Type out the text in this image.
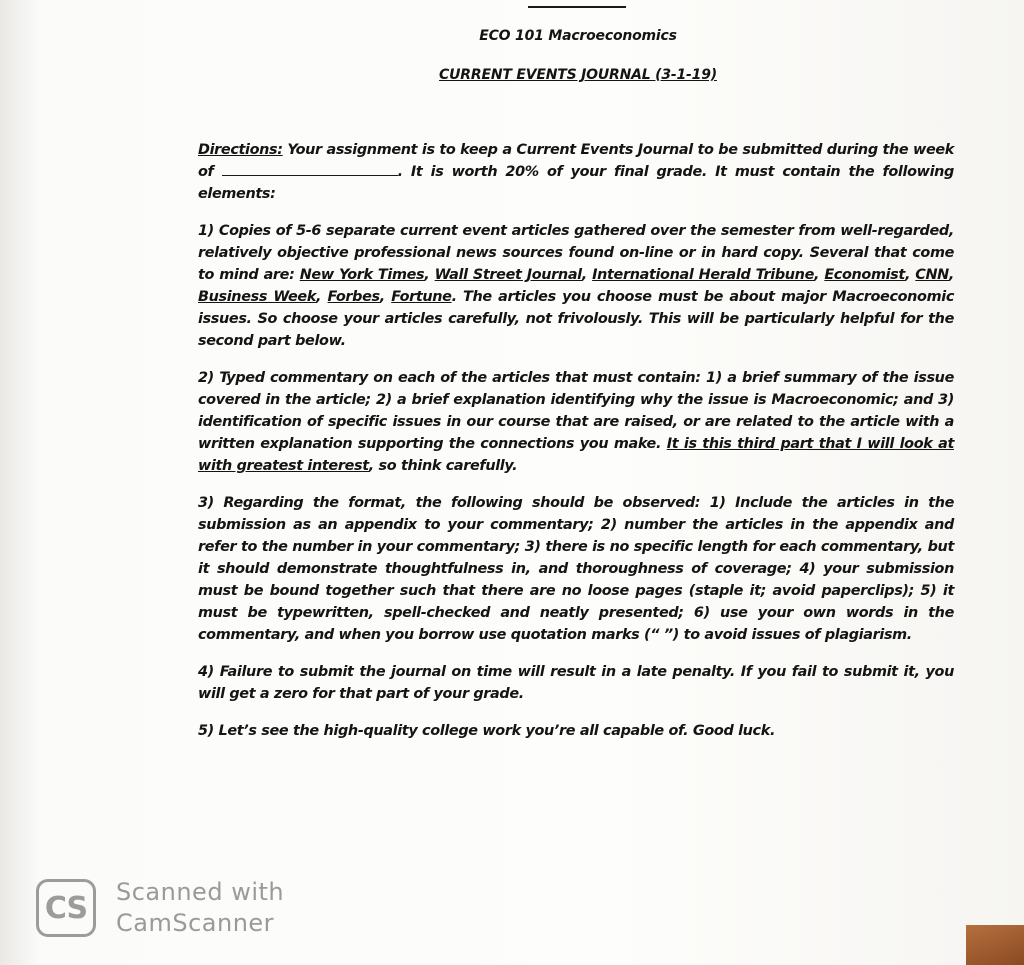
ECO 101 Macroeconomics
CURRENT EVENTS JOURNAL (3-1-19)

Directions: Your assignment is to keep a Current Events Journal to be submitted during the week of	. It is worth 20% of your final grade. It must contain the following elements:

1) Copies of 5-6 separate current event articles gathered over the semester from well-regarded, relatively objective professional news sources found on-line or in hard copy. Several that come to mind are: New York Times, Wall Street Journal, International Herald Tribune, Economist, CNN, Business Week, Forbes, Fortune. The articles you choose must be about major Macroeconomic issues. So choose your articles carefully, not frivolously. This will be particularly helpful for the second part below.

2) Typed commentary on each of the articles that must contain: 1) a brief summary of the issue covered in the article; 2) a brief explanation identifying why the issue is Macroeconomic; and 3) identification of specific issues in our course that are raised, or are related to the article with a written explanation supporting the connections you make. It is this third part that I will look at with greatest interest, so think carefully.

3) Regarding the format, the following should be observed: 1) Include the articles in the submission as an appendix to your commentary; 2) number the articles in the appendix and refer to the number in your commentary; 3) there is no specific length for each commentary, but it should demonstrate thoughtfulness in, and thoroughness of coverage; 4) your submission must be bound together such that there are no loose pages (staple it; avoid paperclips); 5) it must be typewritten, spell-checked and neatly presented; 6) use your own words in the commentary, and when you borrow use quotation marks (“ ”) to avoid issues of plagiarism.

4) Failure to submit the journal on time will result in a late penalty. If you fail to submit it, you will get a zero for that part of your grade.

5) Let’s see the high-quality college work you’re all capable of. Good luck.

CS	Scanned with
CamScanner
